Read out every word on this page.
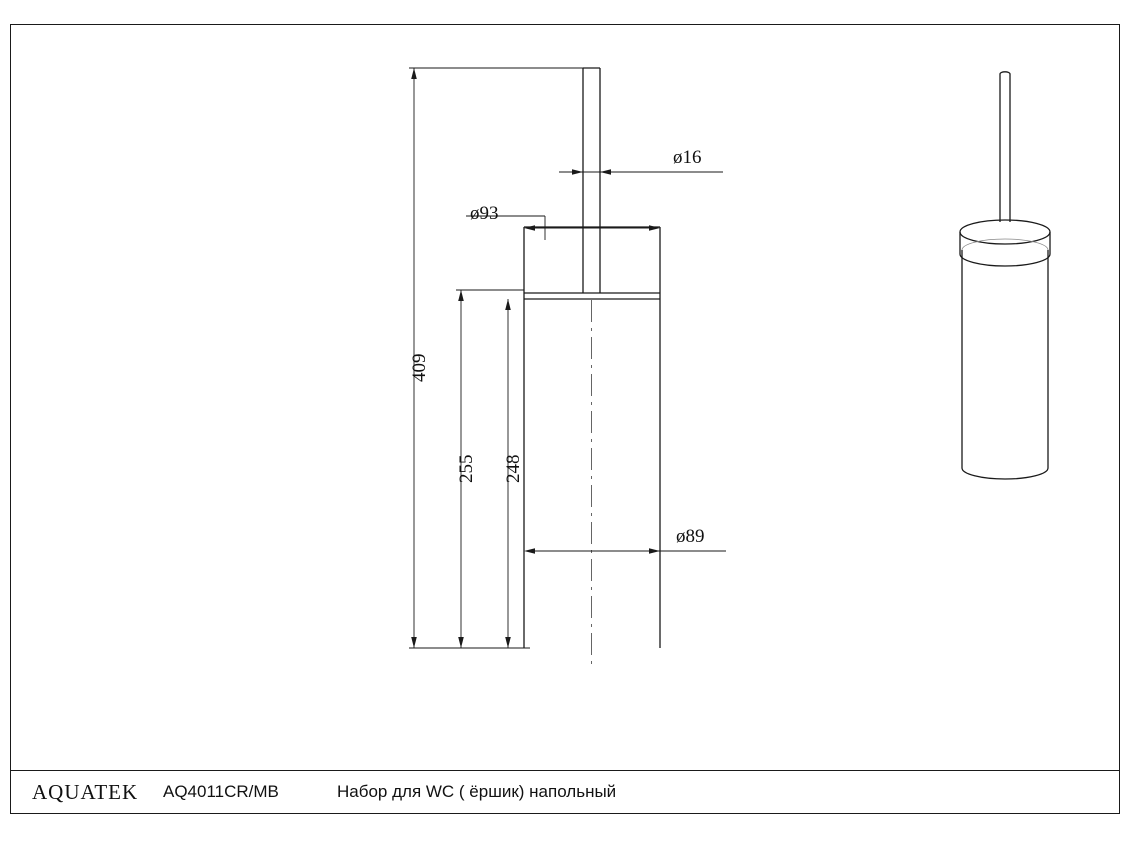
ø16
ø93
ø89
409
255 248
AQUATEK AQ4011CR/MB	Набор для WC ( ёршик) напольный
